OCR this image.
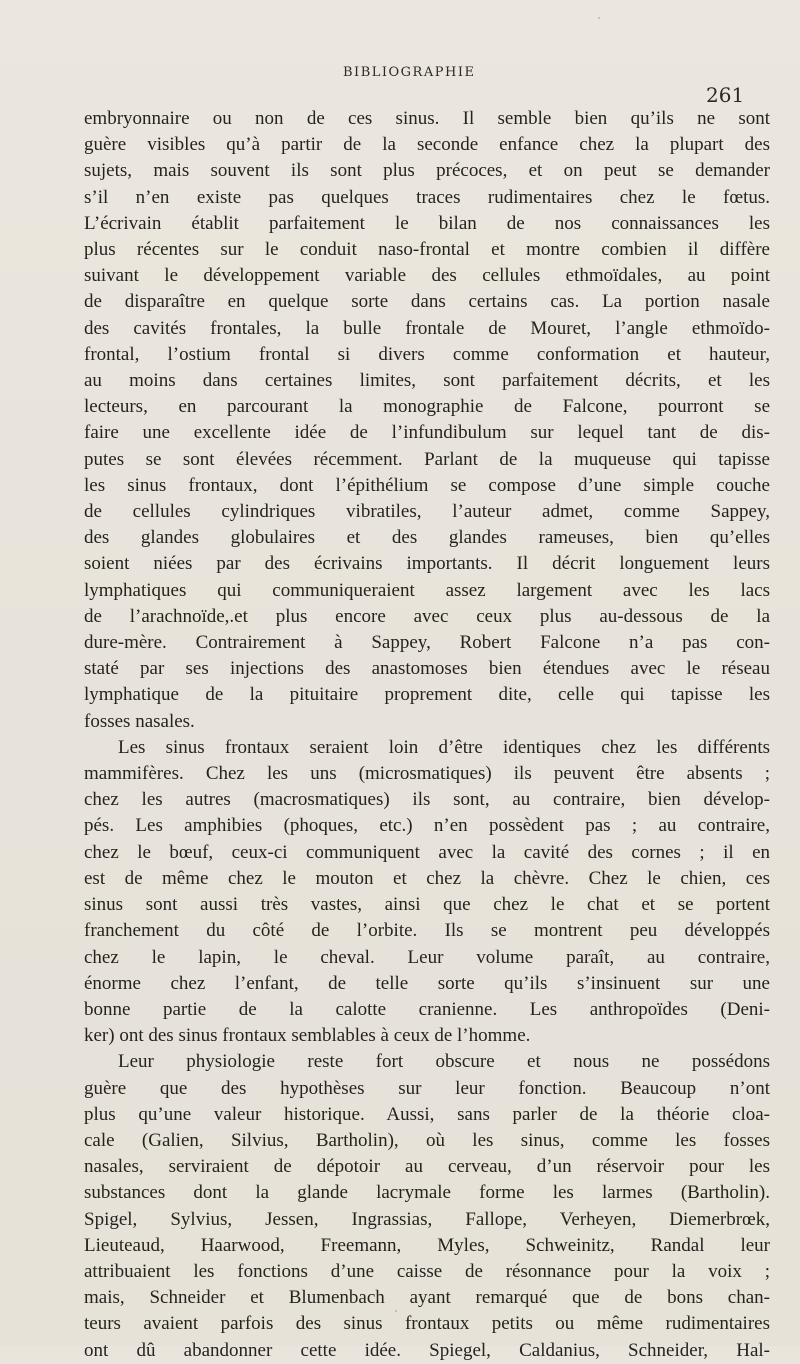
BIBLIOGRAPHIE
261
embryonnaire ou non de ces sinus. Il semble bien qu’ils ne sont
guère visibles qu’à partir de la seconde enfance chez la plupart des
sujets, mais souvent ils sont plus précoces, et on peut se demander
s’il n’en existe pas quelques traces rudimentaires chez le fœtus.
L’écrivain établit parfaitement le bilan de nos connaissances les
plus récentes sur le conduit naso-frontal et montre combien il diffère
suivant le développement variable des cellules ethmoïdales, au point
de disparaître en quelque sorte dans certains cas. La portion nasale
des cavités frontales, la bulle frontale de Mouret, l’angle ethmoïdo-
frontal, l’ostium frontal si divers comme conformation et hauteur,
au moins dans certaines limites, sont parfaitement décrits, et les
lecteurs, en parcourant la monographie de Falcone, pourront se
faire une excellente idée de l’infundibulum sur lequel tant de dis-
putes se sont élevées récemment. Parlant de la muqueuse qui tapisse
les sinus frontaux, dont l’épithélium se compose d’une simple couche
de cellules cylindriques vibratiles, l’auteur admet, comme Sappey,
des glandes globulaires et des glandes rameuses, bien qu’elles
soient niées par des écrivains importants. Il décrit longuement leurs
lymphatiques qui communiqueraient assez largement avec les lacs
de l’arachnoïde,.et plus encore avec ceux plus au-dessous de la
dure-mère. Contrairement à Sappey, Robert Falcone n’a pas con-
staté par ses injections des anastomoses bien étendues avec le réseau
lymphatique de la pituitaire proprement dite, celle qui tapisse les
fosses nasales.
Les sinus frontaux seraient loin d’être identiques chez les différents
mammifères. Chez les uns (microsmatiques) ils peuvent être absents ;
chez les autres (macrosmatiques) ils sont, au contraire, bien dévelop-
pés. Les amphibies (phoques, etc.) n’en possèdent pas ; au contraire,
chez le bœuf, ceux-ci communiquent avec la cavité des cornes ; il en
est de même chez le mouton et chez la chèvre. Chez le chien, ces
sinus sont aussi très vastes, ainsi que chez le chat et se portent
franchement du côté de l’orbite. Ils se montrent peu développés
chez le lapin, le cheval. Leur volume paraît, au contraire,
énorme chez l’enfant, de telle sorte qu’ils s’insinuent sur une
bonne partie de la calotte cranienne. Les anthropoïdes (Deni-
ker) ont des sinus frontaux semblables à ceux de l’homme.
Leur physiologie reste fort obscure et nous ne possédons
guère que des hypothèses sur leur fonction. Beaucoup n’ont
plus qu’une valeur historique. Aussi, sans parler de la théorie cloa-
cale (Galien, Silvius, Bartholin), où les sinus, comme les fosses
nasales, serviraient de dépotoir au cerveau, d’un réservoir pour les
substances dont la glande lacrymale forme les larmes (Bartholin).
Spigel, Sylvius, Jessen, Ingrassias, Fallope, Verheyen, Diemerbrœk,
Lieuteaud, Haarwood, Freemann, Myles, Schweinitz, Randal leur
attribuaient les fonctions d’une caisse de résonnance pour la voix ;
mais, Schneider et Blumenbach ayant remarqué que de bons chan-
teurs avaient parfois des sinus frontaux petits ou même rudimentaires
ont dû abandonner cette idée. Spiegel, Caldanius, Schneider, Hal-
